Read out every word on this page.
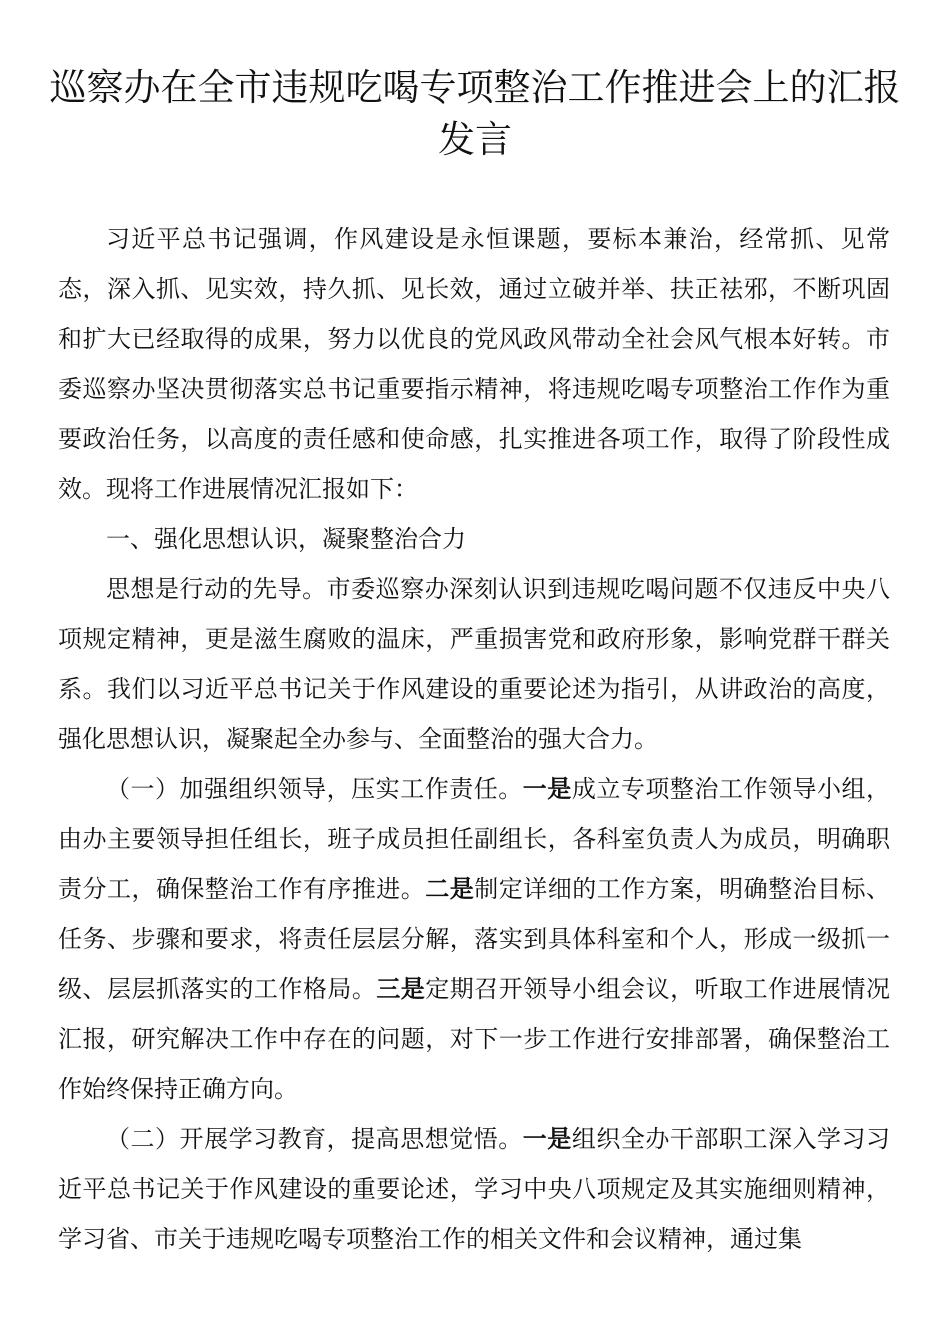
巡察办在全市违规吃喝专项整治工作推进会上的汇报发言

习近平总书记强调，作风建设是永恒课题，要标本兼治，经常抓、见常态，深入抓、见实效，持久抓、见长效，通过立破并举、扶正祛邪，不断巩固和扩大已经取得的成果，努力以优良的党风政风带动全社会风气根本好转。市委巡察办坚决贯彻落实总书记重要指示精神，将违规吃喝专项整治工作作为重要政治任务，以高度的责任感和使命感，扎实推进各项工作，取得了阶段性成效。现将工作进展情况汇报如下：

一、强化思想认识，凝聚整治合力

思想是行动的先导。市委巡察办深刻认识到违规吃喝问题不仅违反中央八项规定精神，更是滋生腐败的温床，严重损害党和政府形象，影响党群干群关系。我们以习近平总书记关于作风建设的重要论述为指引，从讲政治的高度，强化思想认识，凝聚起全办参与、全面整治的强大合力。

（一）加强组织领导，压实工作责任。一是成立专项整治工作领导小组，由办主要领导担任组长，班子成员担任副组长，各科室负责人为成员，明确职责分工，确保整治工作有序推进。二是制定详细的工作方案，明确整治目标、任务、步骤和要求，将责任层层分解，落实到具体科室和个人，形成一级抓一级、层层抓落实的工作格局。三是定期召开领导小组会议，听取工作进展情况汇报，研究解决工作中存在的问题，对下一步工作进行安排部署，确保整治工作始终保持正确方向。

（二）开展学习教育，提高思想觉悟。一是组织全办干部职工深入学习习近平总书记关于作风建设的重要论述，学习中央八项规定及其实施细则精神，学习省、市关于违规吃喝专项整治工作的相关文件和会议精神，通过集
